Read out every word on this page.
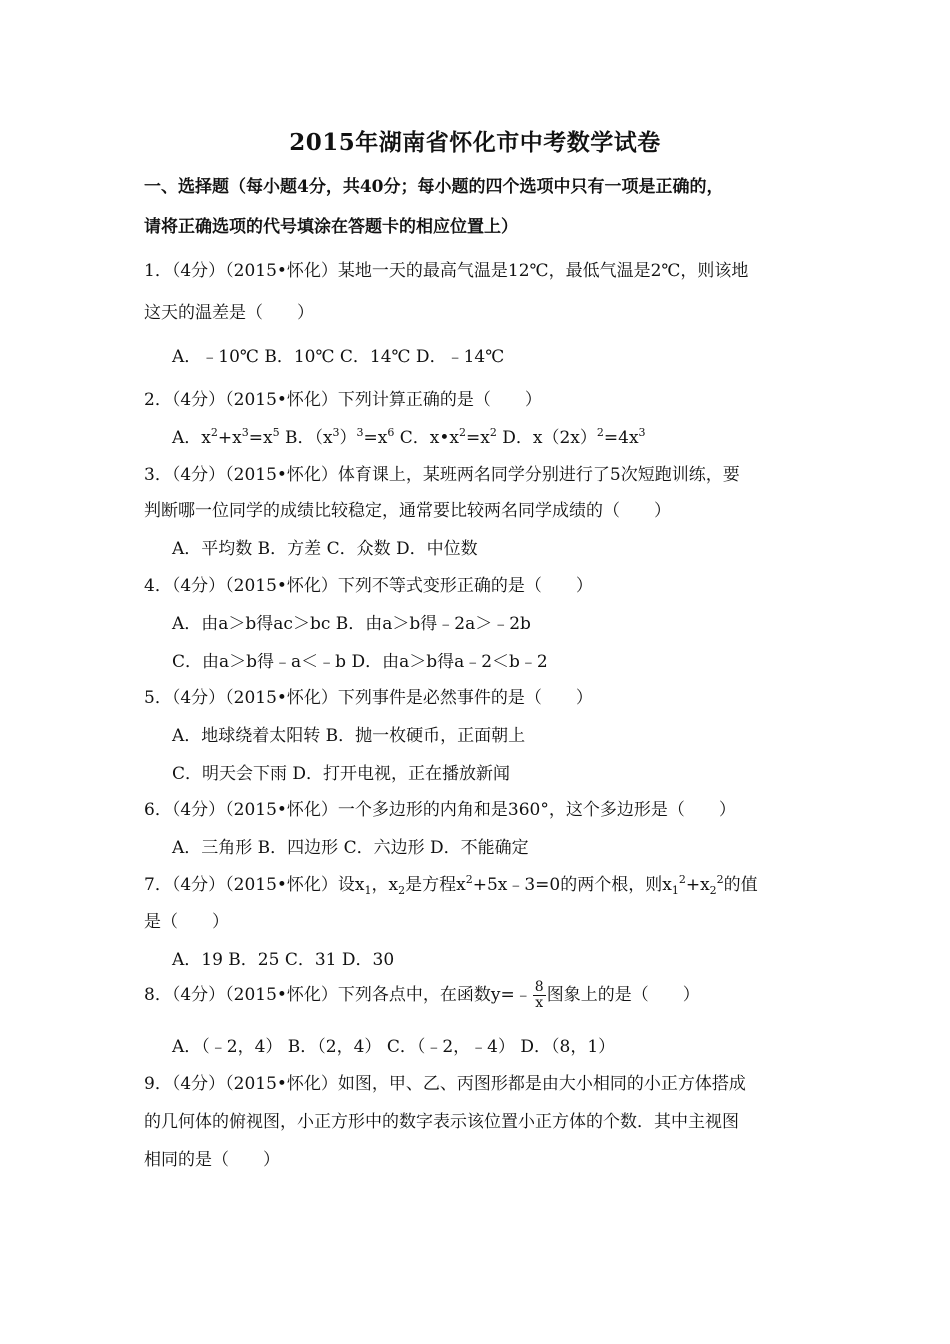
2015年湖南省怀化市中考数学试卷
一、选择题（每小题4分，共40分；每小题的四个选项中只有一项是正确的，
请将正确选项的代号填涂在答题卡的相应位置上）
1．（4分）（2015•怀化）某地一天的最高气温是12℃，最低气温是2℃，则该地
这天的温差是（　　）
A．﹣10℃ B．10℃ C．14℃ D．﹣14℃
2．（4分）（2015•怀化）下列计算正确的是（　　）
A．$x^2+x^3=x^5$ B．$(x^3)^3=x^6$ C．$x•x^2=x^2$ D．$x(2x)^2=4x^3$
3．（4分）（2015•怀化）体育课上，某班两名同学分别进行了5次短跑训练，要
判断哪一位同学的成绩比较稳定，通常要比较两名同学成绩的（　　）
A．平均数 B．方差 C．众数 D．中位数
4．（4分）（2015•怀化）下列不等式变形正确的是（　　）
A．由a＞b得ac＞bc B．由a＞b得﹣2a＞﹣2b
C．由a＞b得﹣a＜﹣b D．由a＞b得a﹣2＜b﹣2
5．（4分）（2015•怀化）下列事件是必然事件的是（　　）
A．地球绕着太阳转 B．抛一枚硬币，正面朝上
C．明天会下雨 D．打开电视，正在播放新闻
6．（4分）（2015•怀化）一个多边形的内角和是360°，这个多边形是（　　）
A．三角形 B．四边形 C．六边形 D．不能确定
7．（4分）（2015•怀化）设$x_1$，$x_2$是方程$x^2+5x﹣3=0$的两个根，则$x_1^2+x_2^2$的值
是（　　）
A．19 B．25 C．31 D．30
8．（4分）（2015•怀化）下列各点中，在函数y=﹣ $\frac{8}{x}$ 图象上的是（　　）
A．（﹣2，4） B．（2，4） C．（﹣2，﹣4） D．（8，1）
9．（4分）（2015•怀化）如图，甲、乙、丙图形都是由大小相同的小正方体搭成
的几何体的俯视图，小正方形中的数字表示该位置小正方体的个数．其中主视图
相同的是（　　）
